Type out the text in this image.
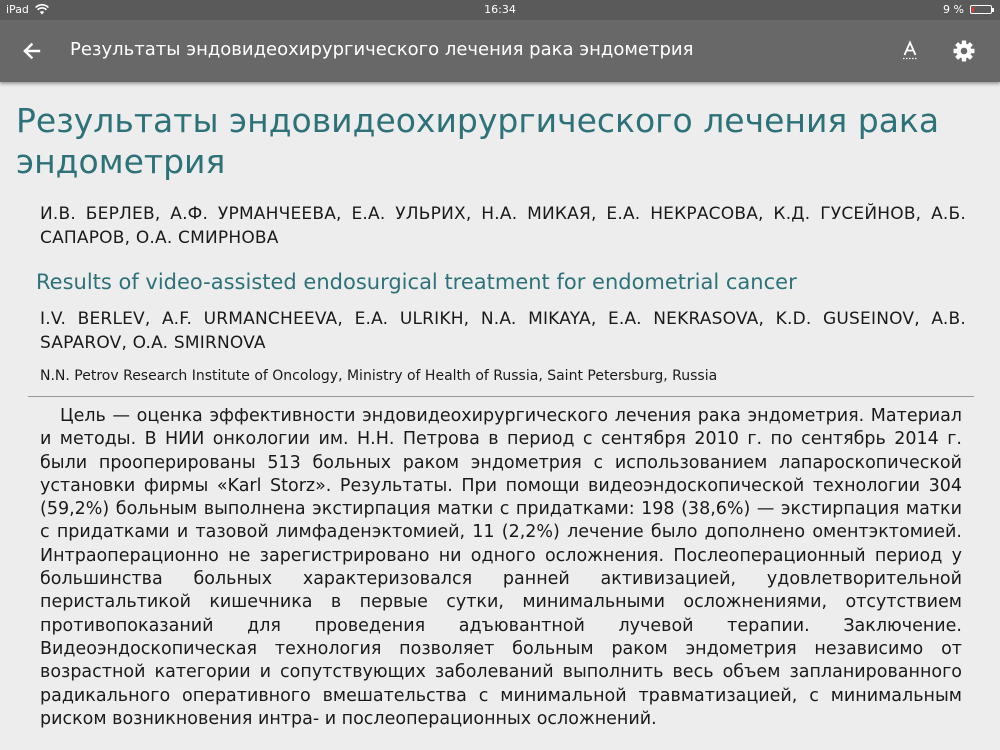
iPad	16:34	9 %
Результаты эндовидеохирургического лечения рака эндометрия
Результаты эндовидеохирургического лечения рака эндометрия
И.В. БЕРЛЕВ, А.Ф. УРМАНЧЕЕВА, Е.А. УЛЬРИХ, Н.А. МИКАЯ, Е.А. НЕКРАСОВА, К.Д. ГУСЕЙНОВ, А.Б. САПАРОВ, О.А. СМИРНОВА
Results of video-assisted endosurgical treatment for endometrial cancer
I.V. BERLEV, A.F. URMANCHEEVA, E.A. ULRIKH, N.A. MIKAYA, E.A. NEKRASOVA, K.D. GUSEINOV, A.B. SAPAROV, O.A. SMIRNOVA
N.N. Petrov Research Institute of Oncology, Ministry of Health of Russia, Saint Petersburg, Russia

Цель — оценка эффективности эндовидеохирургического лечения рака эндометрия. Материал и методы. В НИИ онкологии им. Н.Н. Петрова в период с сентября 2010 г. по сентябрь 2014 г. были прооперированы 513 больных раком эндометрия с использованием лапароскопической установки фирмы «Karl Storz». Результаты. При помощи видеоэндоскопической технологии 304 (59,2%) больным выполнена экстирпация матки с придатками: 198 (38,6%) — экстирпация матки с придатками и тазовой лимфаденэктомией, 11 (2,2%) лечение было дополнено оментэктомией. Интраоперационно не зарегистрировано ни одного осложнения. Послеоперационный период у большинства больных характеризовался ранней активизацией, удовлетворительной перистальтикой кишечника в первые сутки, минимальными осложнениями, отсутствием противопоказаний для проведения адъювантной лучевой терапии. Заключение. Видеоэндоскопическая технология позволяет больным раком эндометрия независимо от возрастной категории и сопутствующих заболеваний выполнить весь объем запланированного радикального оперативного вмешательства с минимальной травматизацией, с минимальным риском возникновения интра- и послеоперационных осложнений.
